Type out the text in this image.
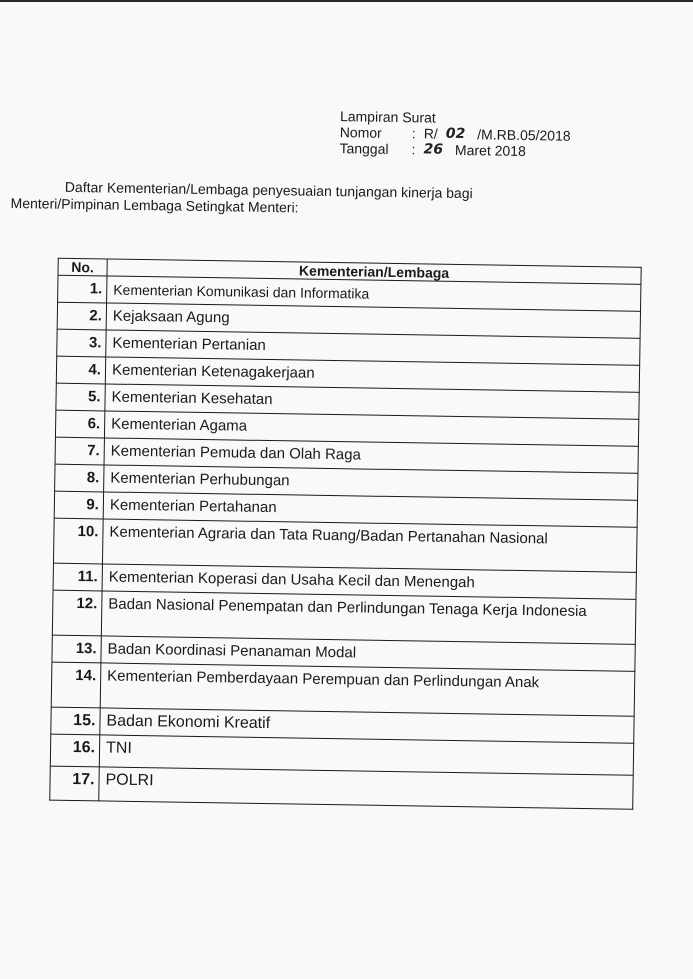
Lampiran Surat
Nomor	: R/ 02 /M.RB.05/2018
Tanggal	: 26 Maret 2018
Daftar Kementerian/Lembaga penyesuaian tunjangan kinerja bagi
Menteri/Pimpinan Lembaga Setingkat Menteri:
No.	Kementerian/Lembaga
1.	Kementerian Komunikasi dan Informatika
2.	Kejaksaan Agung
3.	Kementerian Pertanian
4.	Kementerian Ketenagakerjaan
5.	Kementerian Kesehatan
6.	Kementerian Agama
7.	Kementerian Pemuda dan Olah Raga
8.	Kementerian Perhubungan
9.	Kementerian Pertahanan
10.	Kementerian Agraria dan Tata Ruang/Badan Pertanahan Nasional
11.	Kementerian Koperasi dan Usaha Kecil dan Menengah
12.	Badan Nasional Penempatan dan Perlindungan Tenaga Kerja Indonesia
13.	Badan Koordinasi Penanaman Modal
14.	Kementerian Pemberdayaan Perempuan dan Perlindungan Anak
15.	Badan Ekonomi Kreatif
16.	TNI
17.	POLRI
